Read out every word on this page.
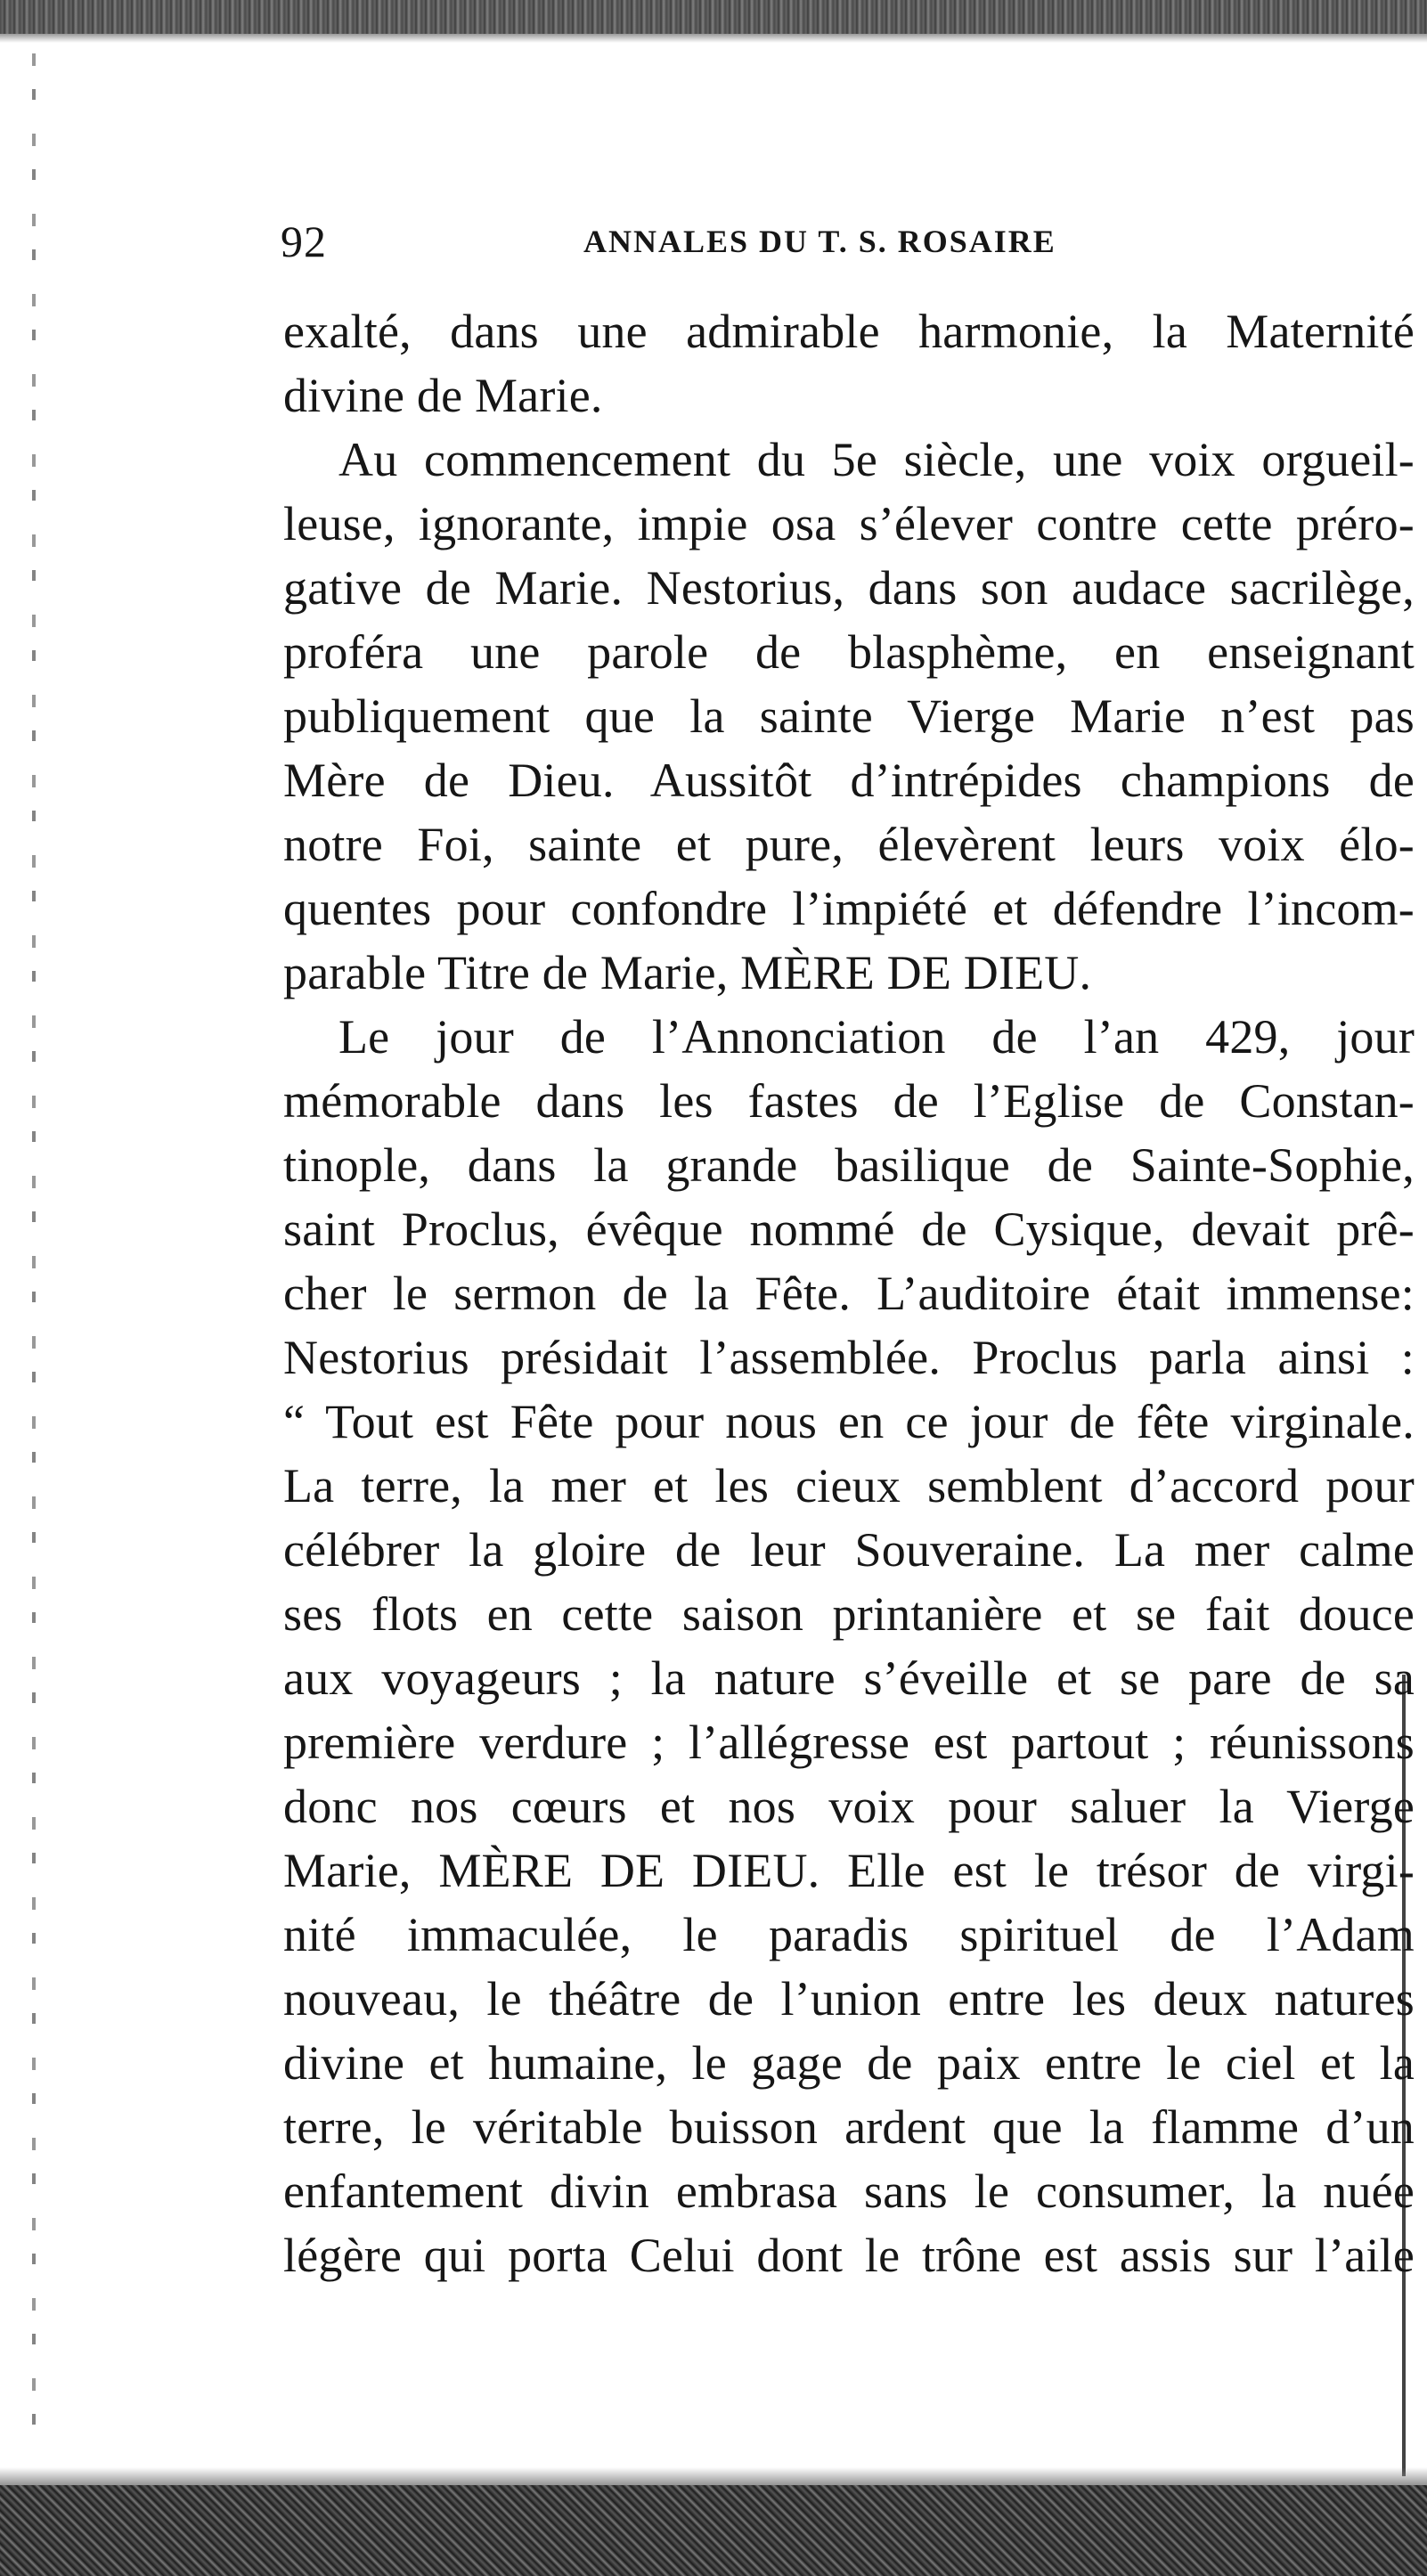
92	ANNALES DU T. S. ROSAIRE
exalté, dans une admirable harmonie, la Maternité
divine de Marie.
Au commencement du 5e siècle, une voix orgueil-
leuse, ignorante, impie osa s’élever contre cette préro-
gative de Marie. Nestorius, dans son audace sacrilège,
proféra une parole de blasphème, en enseignant
publiquement que la sainte Vierge Marie n’est pas
Mère de Dieu. Aussitôt d’intrépides champions de
notre Foi, sainte et pure, élevèrent leurs voix élo-
quentes pour confondre l’impiété et défendre l’incom-
parable Titre de Marie, MÈRE DE DIEU.
Le jour de l’Annonciation de l’an 429, jour
mémorable dans les fastes de l’Eglise de Constan-
tinople, dans la grande basilique de Sainte-Sophie,
saint Proclus, évêque nommé de Cysique, devait prê-
cher le sermon de la Fête. L’auditoire était immense:
Nestorius présidait l’assemblée. Proclus parla ainsi :
“ Tout est Fête pour nous en ce jour de fête virginale.
La terre, la mer et les cieux semblent d’accord pour
célébrer la gloire de leur Souveraine. La mer calme
ses flots en cette saison printanière et se fait douce
aux voyageurs ; la nature s’éveille et se pare de sa
première verdure ; l’allégresse est partout ; réunissons
donc nos cœurs et nos voix pour saluer la Vierge
Marie, MÈRE DE DIEU. Elle est le trésor de virgi-
nité immaculée, le paradis spirituel de l’Adam
nouveau, le théâtre de l’union entre les deux natures
divine et humaine, le gage de paix entre le ciel et la
terre, le véritable buisson ardent que la flamme d’un
enfantement divin embrasa sans le consumer, la nuée
légère qui porta Celui dont le trône est assis sur l’aile
